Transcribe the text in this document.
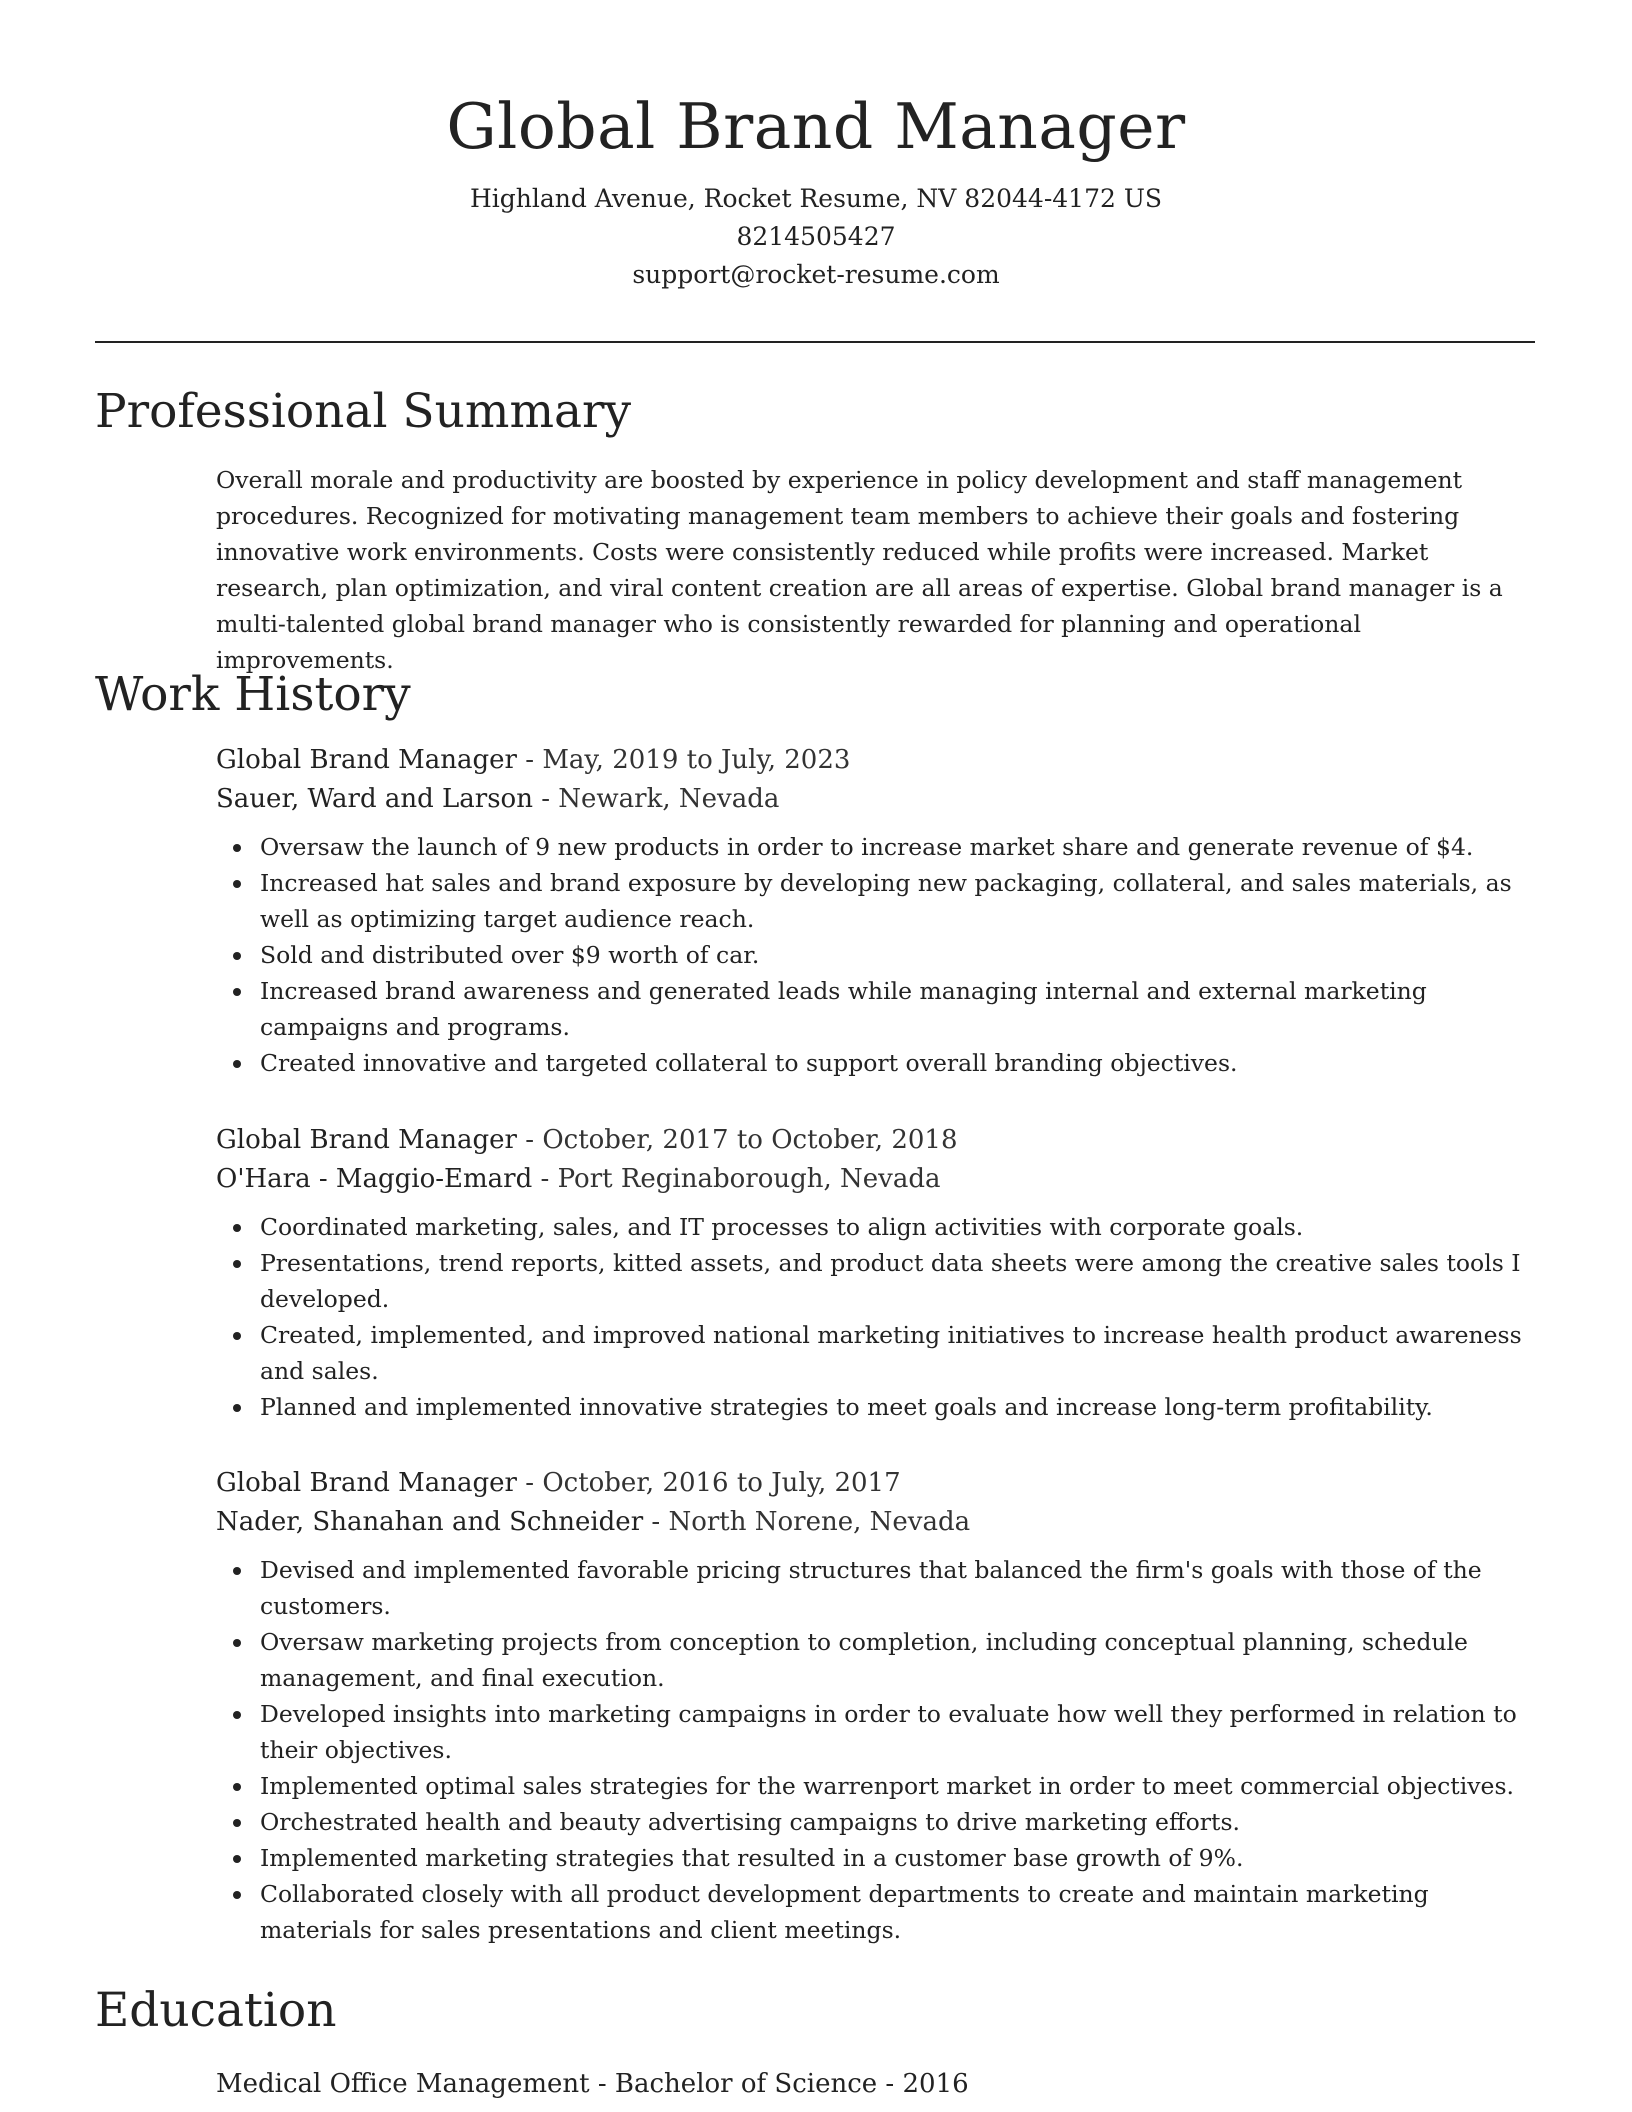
Global Brand Manager
Highland Avenue, Rocket Resume, NV 82044-4172 US
8214505427
support@rocket-resume.com
Professional Summary
Overall morale and productivity are boosted by experience in policy development and staff management procedures. Recognized for motivating management team members to achieve their goals and fostering innovative work environments. Costs were consistently reduced while profits were increased. Market research, plan optimization, and viral content creation are all areas of expertise. Global brand manager is a multi-talented global brand manager who is consistently rewarded for planning and operational improvements.
Work History
Global Brand Manager - May, 2019 to July, 2023
Sauer, Ward and Larson - Newark, Nevada
Oversaw the launch of 9 new products in order to increase market share and generate revenue of $4.
Increased hat sales and brand exposure by developing new packaging, collateral, and sales materials, as well as optimizing target audience reach.
Sold and distributed over $9 worth of car.
Increased brand awareness and generated leads while managing internal and external marketing campaigns and programs.
Created innovative and targeted collateral to support overall branding objectives.
Global Brand Manager - October, 2017 to October, 2018
O'Hara - Maggio-Emard - Port Reginaborough, Nevada
Coordinated marketing, sales, and IT processes to align activities with corporate goals.
Presentations, trend reports, kitted assets, and product data sheets were among the creative sales tools I developed.
Created, implemented, and improved national marketing initiatives to increase health product awareness and sales.
Planned and implemented innovative strategies to meet goals and increase long-term profitability.
Global Brand Manager - October, 2016 to July, 2017
Nader, Shanahan and Schneider - North Norene, Nevada
Devised and implemented favorable pricing structures that balanced the firm's goals with those of the customers.
Oversaw marketing projects from conception to completion, including conceptual planning, schedule management, and final execution.
Developed insights into marketing campaigns in order to evaluate how well they performed in relation to their objectives.
Implemented optimal sales strategies for the warrenport market in order to meet commercial objectives.
Orchestrated health and beauty advertising campaigns to drive marketing efforts.
Implemented marketing strategies that resulted in a customer base growth of 9%.
Collaborated closely with all product development departments to create and maintain marketing materials for sales presentations and client meetings.
Education
Medical Office Management - Bachelor of Science - 2016
